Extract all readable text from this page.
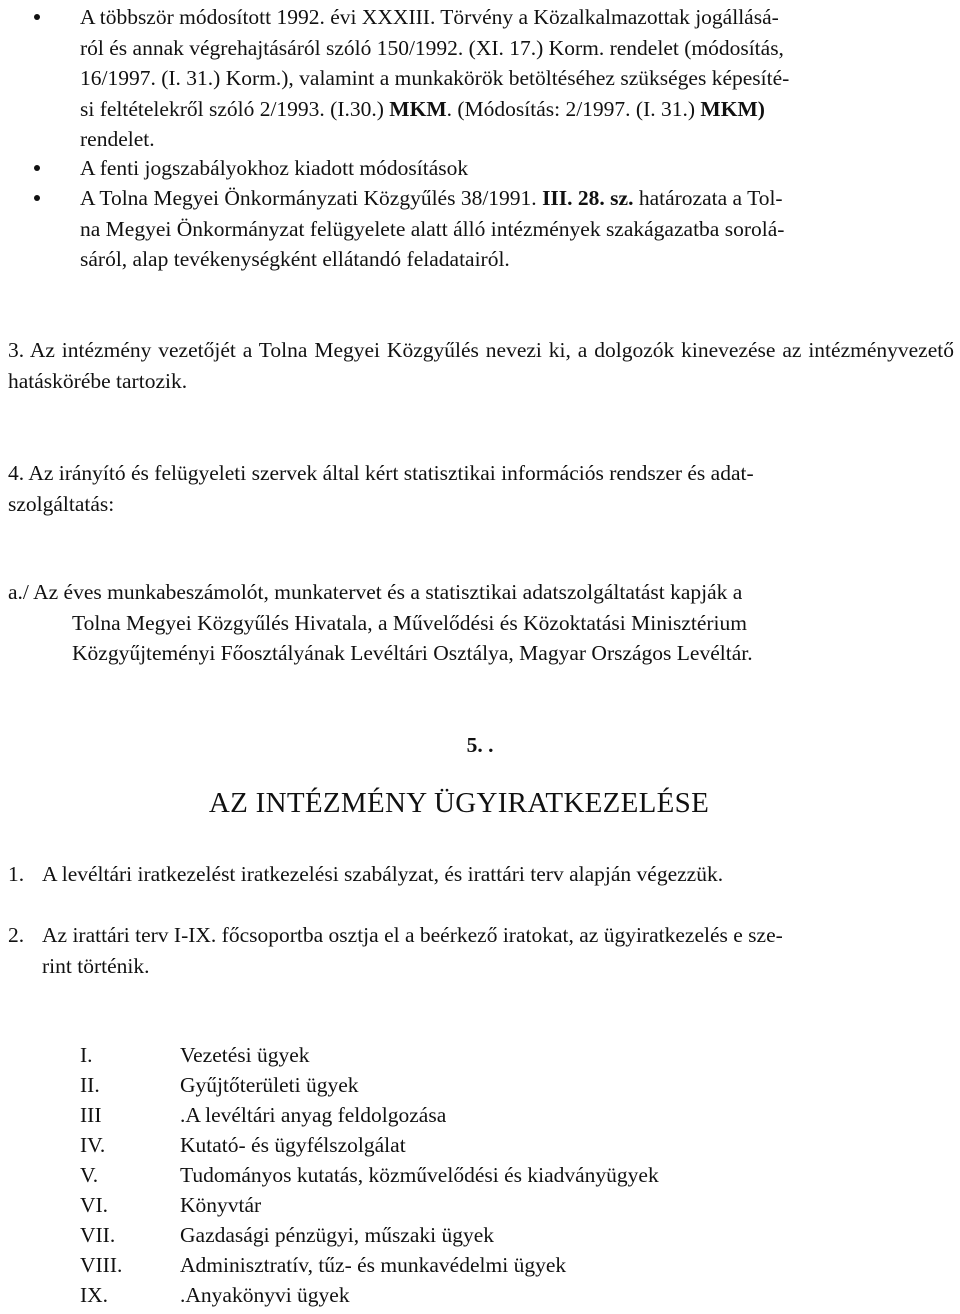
A többször módosított 1992. évi XXXIII. Törvény a Közalkalmazottak jogállásá-
ról és annak végrehajtásáról szóló 150/1992. (XI. 17.) Korm. rendelet (módosítás,
16/1997. (I. 31.) Korm.), valamint a munkakörök betöltéséhez szükséges képesíté-
si feltételekről szóló 2/1993. (I.30.) MKM. (Módosítás: 2/1997. (I. 31.) MKM)
rendelet.
A fenti jogszabályokhoz kiadott módosítások
A Tolna Megyei Önkormányzati Közgyűlés 38/1991. III. 28. sz. határozata a Tol-
na Megyei Önkormányzat felügyelete alatt álló intézmények szakágazatba sorolá-
sáról, alap tevékenységként ellátandó feladatairól.
3. Az intézmény vezetőjét a Tolna Megyei Közgyűlés nevezi ki, a dolgozók kinevezése az intézményvezető hatáskörébe tartozik.
4. Az irányító és felügyeleti szervek által kért statisztikai információs rendszer és adat-
szolgáltatás:
a./ Az éves munkabeszámolót, munkatervet és a statisztikai adatszolgáltatást kapják a
Tolna Megyei Közgyűlés Hivatala, a Művelődési és Közoktatási Minisztérium
Közgyűjteményi Főosztályának Levéltári Osztálya, Magyar Országos Levéltár.
5. .
AZ INTÉZMÉNY ÜGYIRATKEZELÉSE
1. A levéltári iratkezelést iratkezelési szabályzat, és irattári terv alapján végezzük.
2. Az irattári terv I-IX. főcsoportba osztja el a beérkező iratokat, az ügyiratkezelés e sze-
rint történik.
I.	Vezetési ügyek
II.	Gyűjtőterületi ügyek
III	.A levéltári anyag feldolgozása
IV.	Kutató- és ügyfélszolgálat
V.	Tudományos kutatás, közművelődési és kiadványügyek
VI.	Könyvtár
VII.	Gazdasági pénzügyi, műszaki ügyek
VIII.	Adminisztratív, tűz- és munkavédelmi ügyek
IX.	.Anyakönyvi ügyek
